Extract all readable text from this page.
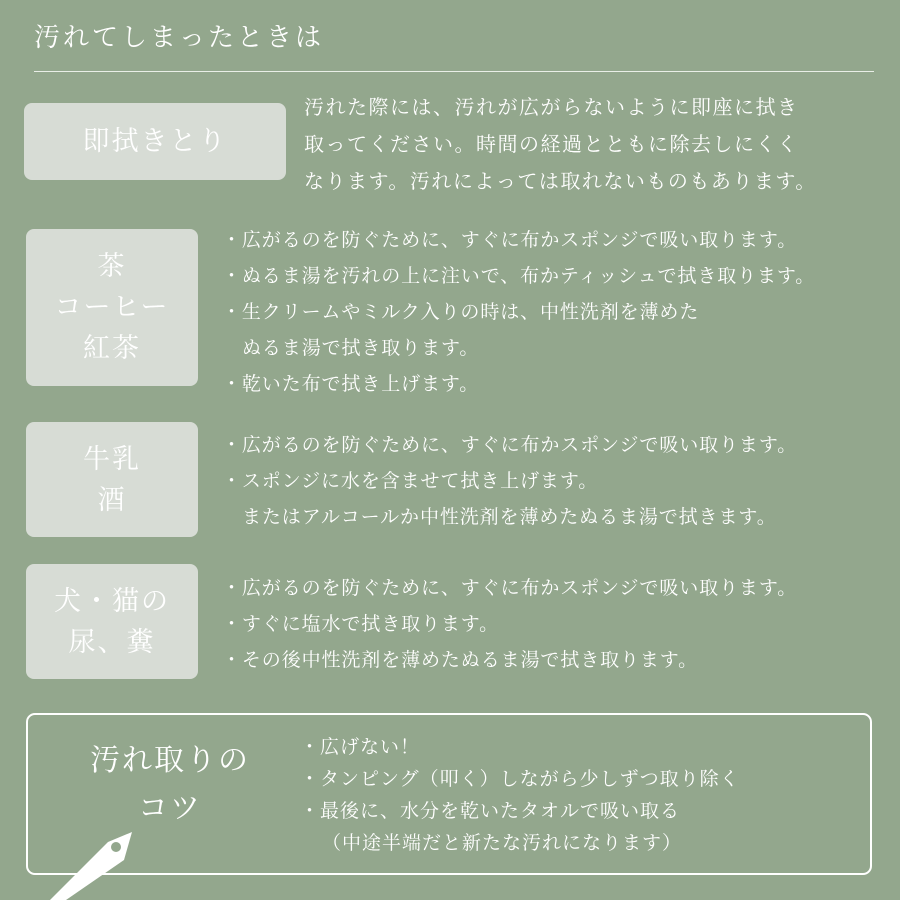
汚れてしまったときは
即拭きとり
汚れた際には、汚れが広がらないように即座に拭き
取ってください。時間の経過とともに除去しにくく
なります。汚れによっては取れないものもあります。
茶
コーヒー
紅茶
・広がるのを防ぐために、すぐに布かスポンジで吸い取ります。
・ぬるま湯を汚れの上に注いで、布かティッシュで拭き取ります。
・生クリームやミルク入りの時は、中性洗剤を薄めた
ぬるま湯で拭き取ります。
・乾いた布で拭き上げます。
牛乳
酒
・広がるのを防ぐために、すぐに布かスポンジで吸い取ります。
・スポンジに水を含ませて拭き上げます。
またはアルコールか中性洗剤を薄めたぬるま湯で拭きます。
犬・猫の
尿、糞
・広がるのを防ぐために、すぐに布かスポンジで吸い取ります。
・すぐに塩水で拭き取ります。
・その後中性洗剤を薄めたぬるま湯で拭き取ります。
汚れ取りの
コツ
・広げない！
・タンピング（叩く）しながら少しずつ取り除く
・最後に、水分を乾いたタオルで吸い取る
（中途半端だと新たな汚れになります）
